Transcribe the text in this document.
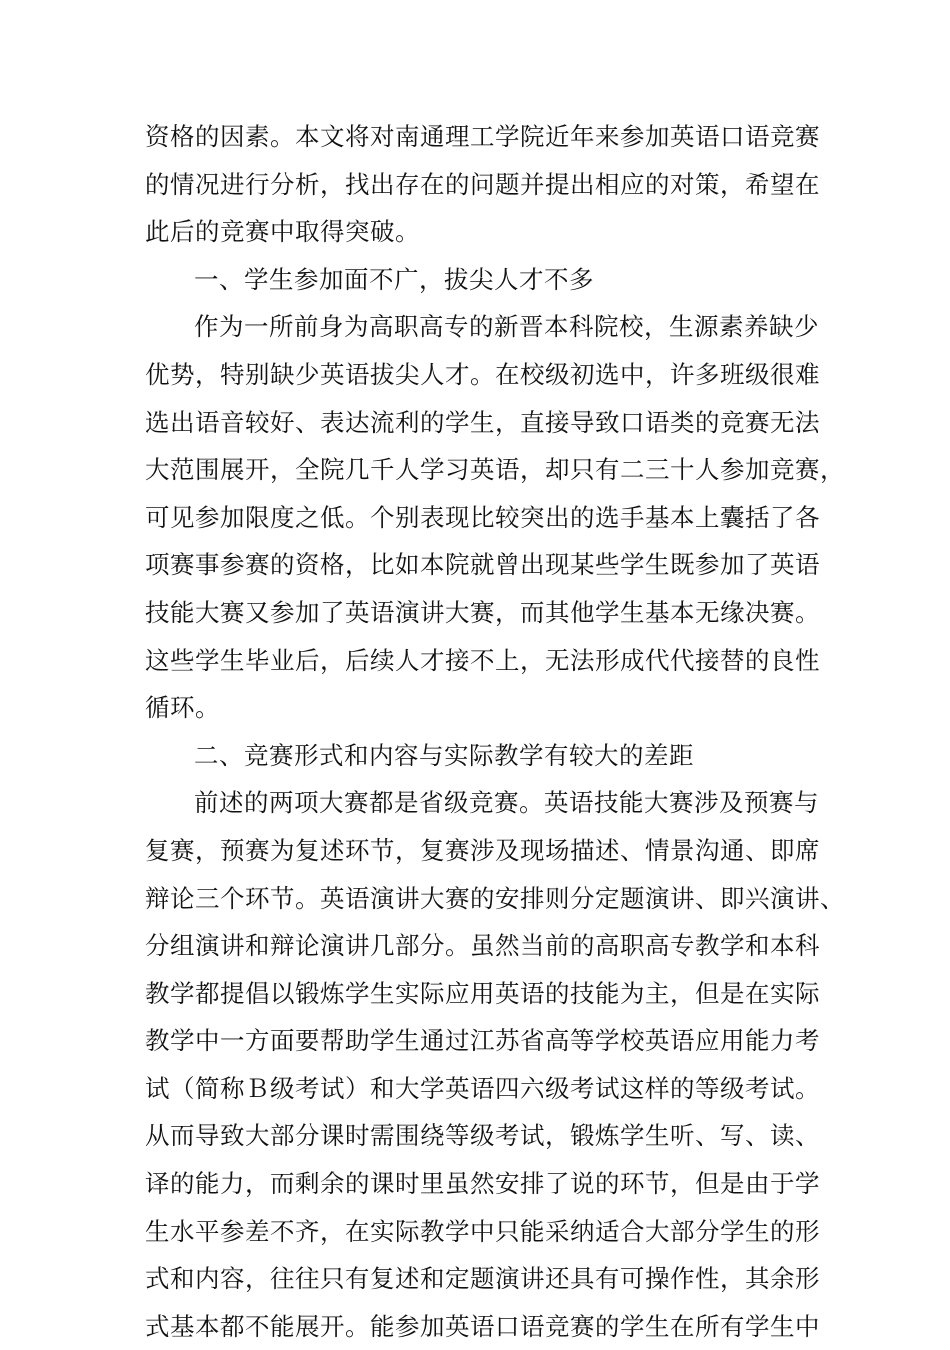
资格的因素。本文将对南通理工学院近年来参加英语口语竞赛
的情况进行分析，找出存在的问题并提出相应的对策，希望在
此后的竞赛中取得突破。
一、学生参加面不广，拔尖人才不多
作为一所前身为高职高专的新晋本科院校，生源素养缺少
优势，特别缺少英语拔尖人才。在校级初选中，许多班级很难
选出语音较好、表达流利的学生，直接导致口语类的竞赛无法
大范围展开，全院几千人学习英语，却只有二三十人参加竞赛，
可见参加限度之低。个别表现比较突出的选手基本上囊括了各
项赛事参赛的资格，比如本院就曾出现某些学生既参加了英语
技能大赛又参加了英语演讲大赛，而其他学生基本无缘决赛。
这些学生毕业后，后续人才接不上，无法形成代代接替的良性
循环。
二、竞赛形式和内容与实际教学有较大的差距
前述的两项大赛都是省级竞赛。英语技能大赛涉及预赛与
复赛，预赛为复述环节，复赛涉及现场描述、情景沟通、即席
辩论三个环节。英语演讲大赛的安排则分定题演讲、即兴演讲、
分组演讲和辩论演讲几部分。虽然当前的高职高专教学和本科
教学都提倡以锻炼学生实际应用英语的技能为主，但是在实际
教学中一方面要帮助学生通过江苏省高等学校英语应用能力考
试（简称Ｂ级考试）和大学英语四六级考试这样的等级考试。
从而导致大部分课时需围绕等级考试，锻炼学生听、写、读、
译的能力，而剩余的课时里虽然安排了说的环节，但是由于学
生水平参差不齐，在实际教学中只能采纳适合大部分学生的形
式和内容，往往只有复述和定题演讲还具有可操作性，其余形
式基本都不能展开。能参加英语口语竞赛的学生在所有学生中
